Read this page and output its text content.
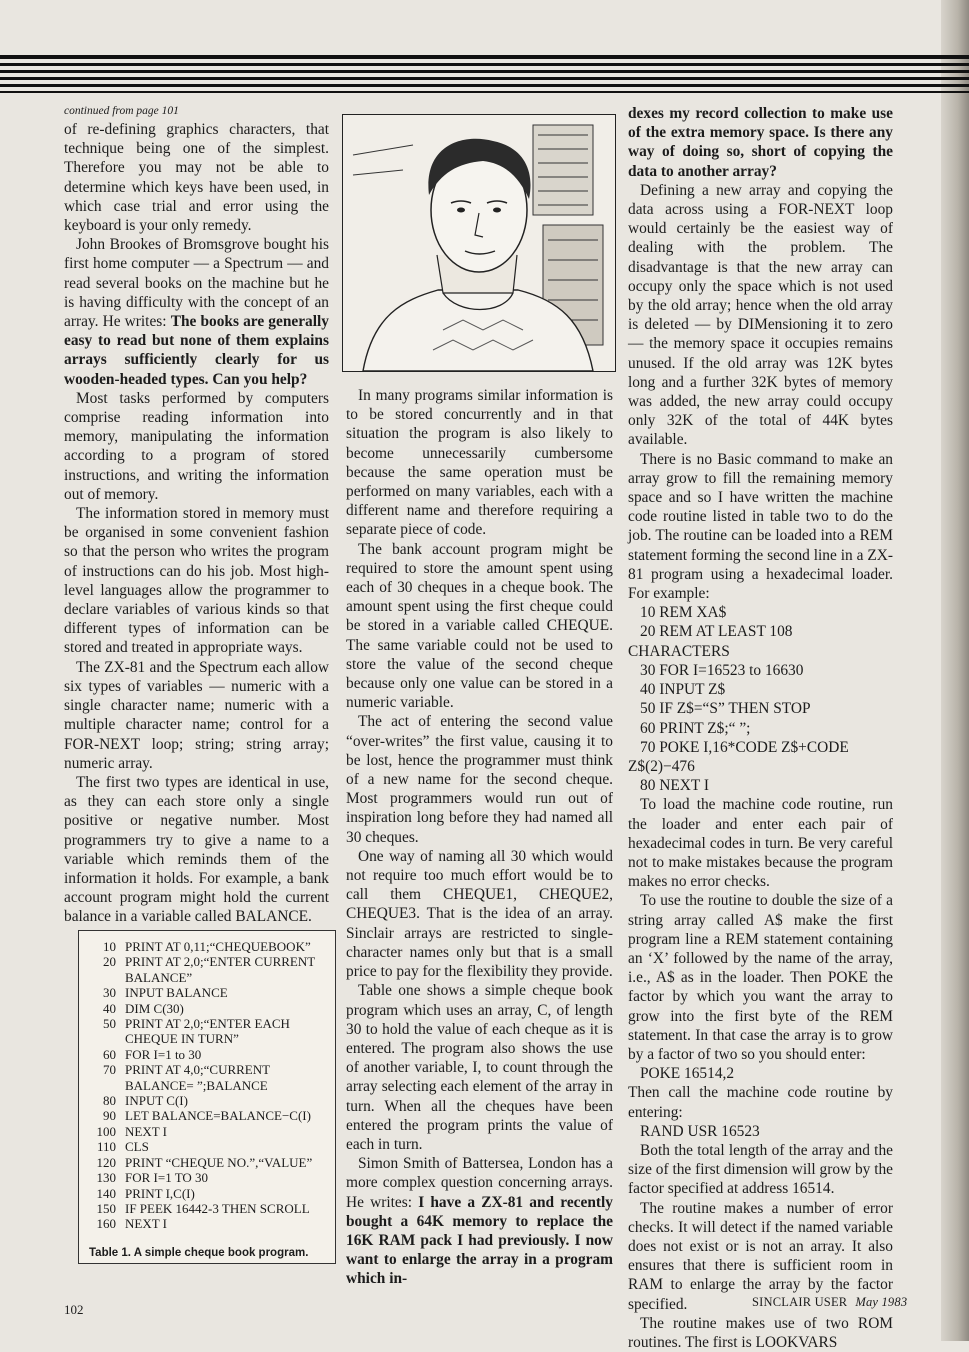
continued from page 101

of re-defining graphics characters, that technique being one of the simplest. Therefore you may not be able to determine which keys have been used, in which case trial and error using the keyboard is your only remedy.

John Brookes of Bromsgrove bought his first home computer — a Spectrum — and read several books on the machine but he is having difficulty with the concept of an array. He writes: The books are generally easy to read but none of them explains arrays sufficiently clearly for us wooden-headed types. Can you help?

Most tasks performed by computers comprise reading information into memory, manipulating the information according to a program of stored instructions, and writing the information out of memory.

The information stored in memory must be organised in some convenient fashion so that the person who writes the program of instructions can do his job. Most high-level languages allow the programmer to declare variables of various kinds so that different types of information can be stored and treated in appropriate ways.

The ZX-81 and the Spectrum each allow six types of variables — numeric with a single character name; numeric with a multiple character name; control for a FOR-NEXT loop; string; string array; numeric array.

The first two types are identical in use, as they can each store only a single positive or negative number. Most programmers try to give a name to a variable which reminds them of the information it holds. For example, a bank account program might hold the current balance in a variable called BALANCE.

10 PRINT AT 0,11;“CHEQUEBOOK”
20 PRINT AT 2,0;“ENTER CURRENT BALANCE”
30 INPUT BALANCE
40 DIM C(30)
50 PRINT AT 2,0;“ENTER EACH CHEQUE IN TURN”
60 FOR I=1 to 30
70 PRINT AT 4,0;“CURRENT BALANCE= ”;BALANCE
80 INPUT C(I)
90 LET BALANCE=BALANCE−C(I)
100 NEXT I
110 CLS
120 PRINT “CHEQUE NO.”,“VALUE”
130 FOR I=1 TO 30
140 PRINT I,C(I)
150 IF PEEK 16442-3 THEN SCROLL
160 NEXT I
Table 1. A simple cheque book program.

In many programs similar information is to be stored concurrently and in that situation the program is also likely to become unnecessarily cumbersome because the same operation must be performed on many variables, each with a different name and therefore requiring a separate piece of code.

The bank account program might be required to store the amount spent using each of 30 cheques in a cheque book. The amount spent using the first cheque could be stored in a variable called CHEQUE. The same variable could not be used to store the value of the second cheque because only one value can be stored in a numeric variable.

The act of entering the second value “over-writes” the first value, causing it to be lost, hence the programmer must think of a new name for the second cheque. Most programmers would run out of inspiration long before they had named all 30 cheques.

One way of naming all 30 which would not require too much effort would be to call them CHEQUE1, CHEQUE2, CHEQUE3. That is the idea of an array. Sinclair arrays are restricted to single-character names only but that is a small price to pay for the flexibility they provide.

Table one shows a simple cheque book program which uses an array, C, of length 30 to hold the value of each cheque as it is entered. The program also shows the use of another variable, I, to count through the array selecting each element of the array in turn. When all the cheques have been entered the program prints the value of each in turn.

Simon Smith of Battersea, London has a more complex question concerning arrays. He writes: I have a ZX-81 and recently bought a 64K memory to replace the 16K RAM pack I had previously. I now want to enlarge the array in a program which in-

dexes my record collection to make use of the extra memory space. Is there any way of doing so, short of copying the data to another array?

Defining a new array and copying the data across using a FOR-NEXT loop would certainly be the easiest way of dealing with the problem. The disadvantage is that the new array can occupy only the space which is not used by the old array; hence when the old array is deleted — by DIMensioning it to zero — the memory space it occupies remains unused. If the old array was 12K bytes long and a further 32K bytes of memory was added, the new array could occupy only 32K of the total of 44K bytes available.

There is no Basic command to make an array grow to fill the remaining memory space and so I have written the machine code routine listed in table two to do the job. The routine can be loaded into a REM statement forming the second line in a ZX-81 program using a hexadecimal loader. For example:

10 REM XA$

20 REM AT LEAST 108 CHARACTERS

30 FOR I=16523 to 16630

40 INPUT Z$

50 IF Z$=“S” THEN STOP

60 PRINT Z$;“ ”;

70 POKE I,16*CODE Z$+CODE Z$(2)−476

80 NEXT I

To load the machine code routine, run the loader and enter each pair of hexadecimal codes in turn. Be very careful not to make mistakes because the program makes no error checks.

To use the routine to double the size of a string array called A$ make the first program line a REM statement containing an ‘X’ followed by the name of the array, i.e., A$ as in the loader. Then POKE the factor by which you want the array to grow into the first byte of the REM statement. In that case the array is to grow by a factor of two so you should enter:

POKE 16514,2

Then call the machine code routine by entering:

RAND USR 16523

Both the total length of the array and the size of the first dimension will grow by the factor specified at address 16514.

The routine makes a number of error checks. It will detect if the named variable does not exist or is not an array. It also ensures that there is sufficient room in RAM to enlarge the array by the factor specified.

The routine makes use of two ROM routines. The first is LOOKVARS

102	SINCLAIR USER May 1983
